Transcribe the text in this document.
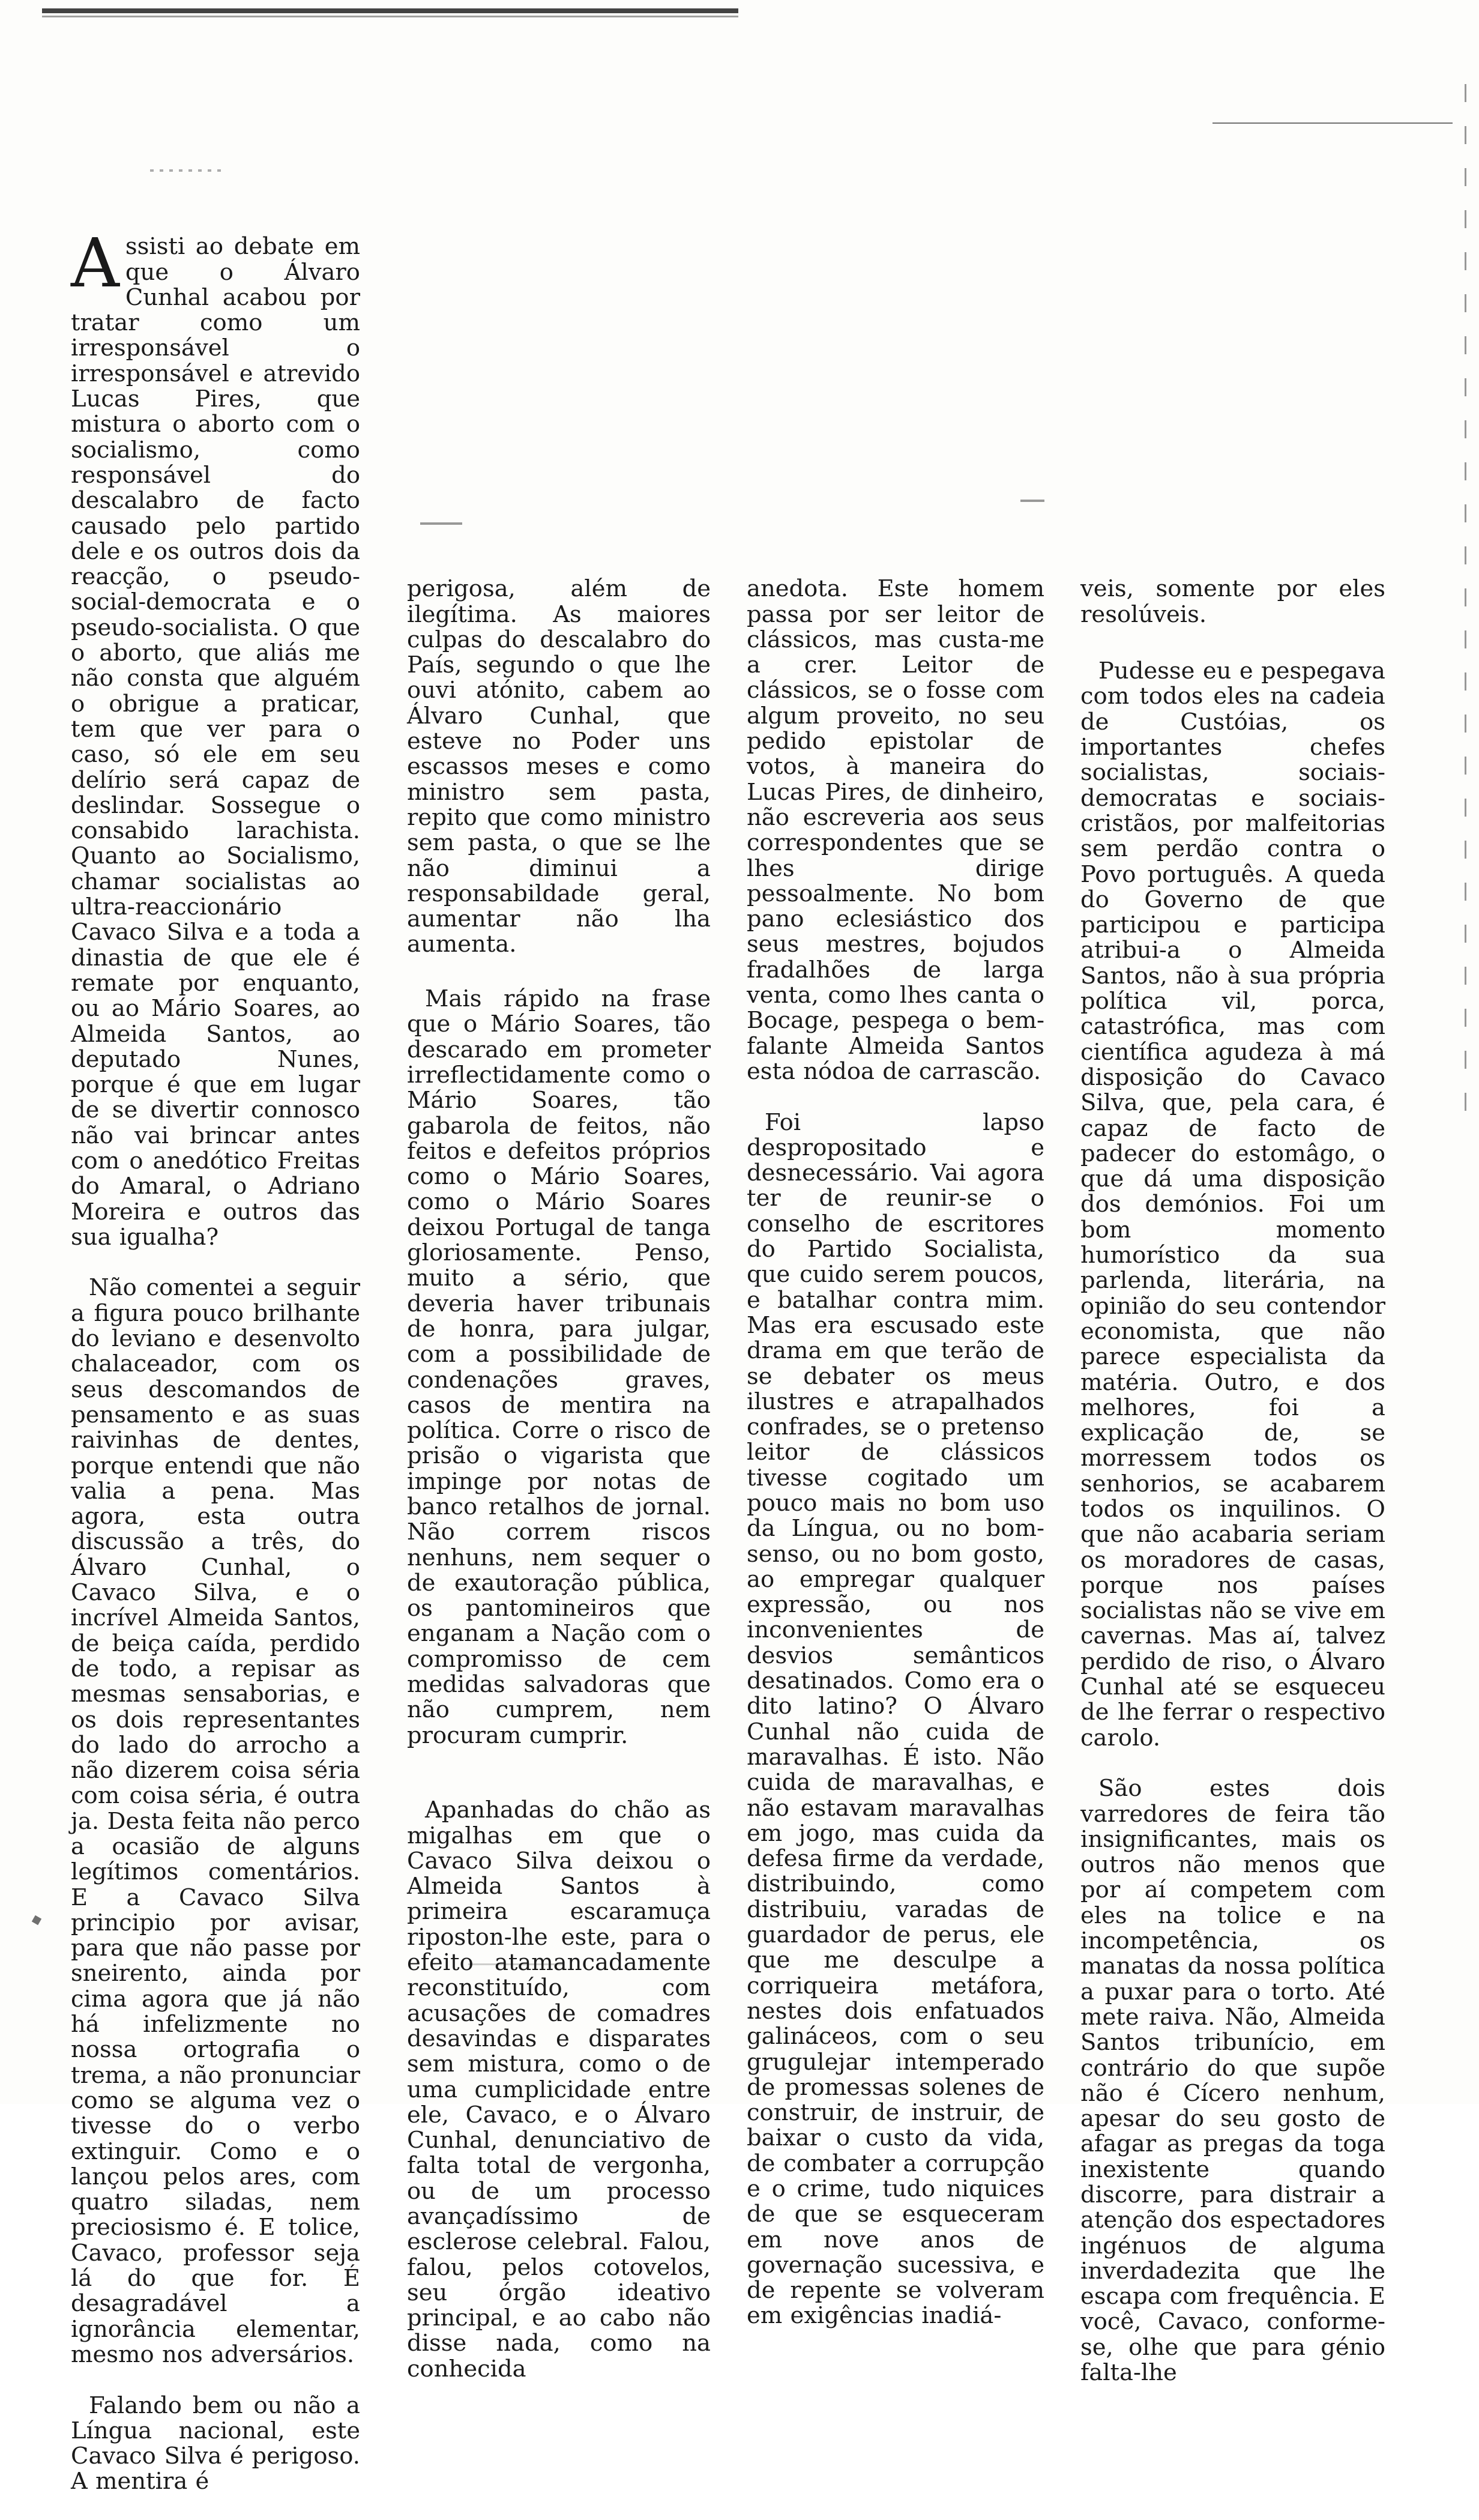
Assisti ao debate em que o Álvaro Cunhal acabou por tratar como um irresponsável o irresponsável e atrevido Lucas Pires, que mistura o aborto com o socialismo, como responsável do descalabro de facto causado pelo partido dele e os outros dois da reacção, o pseudo-social-democrata e o pseudo-socialista. O que o aborto, que aliás me não consta que alguém o obrigue a praticar, tem que ver para o caso, só ele em seu delírio será capaz de deslindar. Sossegue o consabido larachista. Quanto ao Socialismo, chamar socialistas ao ultra-reaccionário Cavaco Silva e a toda a dinastia de que ele é remate por enquanto, ou ao Mário Soares, ao Almeida Santos, ao deputado Nunes, porque é que em lugar de se divertir connosco não vai brincar antes com o anedótico Freitas do Amaral, o Adriano Moreira e outros das sua igualha?

Não comentei a seguir a figura pouco brilhante do leviano e desenvolto chalaceador, com os seus descomandos de pensamento e as suas raivinhas de dentes, porque entendi que não valia a pena. Mas agora, esta outra discussão a três, do Álvaro Cunhal, o Cavaco Silva, e o incrível Almeida Santos, de beiça caída, perdido de todo, a repisar as mesmas sensaborias, e os dois representantes do lado do arrocho a não dizerem coisa séria com coisa séria, é outra ja. Desta feita não perco a ocasião de alguns legítimos comentários. E a Cavaco Silva principio por avisar, para que não passe por sneirento, ainda por cima agora que já não há infelizmente no nossa ortografia o trema, a não pronunciar como se alguma vez o tivesse do o verbo extinguir. Como e o lançou pelos ares, com quatro siladas, nem preciosismo é. E tolice, Cavaco, professor seja lá do que for. É desagradável a ignorância elementar, mesmo nos adversários.

Falando bem ou não a Língua nacional, este Cavaco Silva é perigoso. A mentira é

perigosa, além de ilegítima. As maiores culpas do descalabro do País, segundo o que lhe ouvi atónito, cabem ao Álvaro Cunhal, que esteve no Poder uns escassos meses e como ministro sem pasta, repito que como ministro sem pasta, o que se lhe não diminui a responsabildade geral, aumentar não lha aumenta.

Mais rápido na frase que o Mário Soares, tão descarado em prometer irreflectidamente como o Mário Soares, tão gabarola de feitos, não feitos e defeitos próprios como o Mário Soares, como o Mário Soares deixou Portugal de tanga gloriosamente. Penso, muito a sério, que deveria haver tribunais de honra, para julgar, com a possibilidade de condenações graves, casos de mentira na política. Corre o risco de prisão o vigarista que impinge por notas de banco retalhos de jornal. Não correm riscos nenhuns, nem sequer o de exautoração pública, os pantomineiros que enganam a Nação com o compromisso de cem medidas salvadoras que não cumprem, nem procuram cumprir.

Apanhadas do chão as migalhas em que o Cavaco Silva deixou o Almeida Santos à primeira escaramuça riposton-lhe este, para o efeito atamancadamente reconstituído, com acusações de comadres desavindas e disparates sem mistura, como o de uma cumplicidade entre ele, Cavaco, e o Álvaro Cunhal, denunciativo de falta total de vergonha, ou de um processo avançadíssimo de esclerose celebral. Falou, falou, pelos cotovelos, seu órgão ideativo principal, e ao cabo não disse nada, como na conhecida

anedota. Este homem passa por ser leitor de clássicos, mas custa-me a crer. Leitor de clássicos, se o fosse com algum proveito, no seu pedido epistolar de votos, à maneira do Lucas Pires, de dinheiro, não escreveria aos seus correspondentes que se lhes dirige pessoalmente. No bom pano eclesiástico dos seus mestres, bojudos fradalhões de larga venta, como lhes canta o Bocage, pespega o bem-falante Almeida Santos esta nódoa de carrascão.

Foi lapso despropositado e desnecessário. Vai agora ter de reunir-se o conselho de escritores do Partido Socialista, que cuido serem poucos, e batalhar contra mim. Mas era escusado este drama em que terão de se debater os meus ilustres e atrapalhados confrades, se o pretenso leitor de clássicos tivesse cogitado um pouco mais no bom uso da Língua, ou no bom-senso, ou no bom gosto, ao empregar qualquer expressão, ou nos inconvenientes de desvios semânticos desatinados. Como era o dito latino? O Álvaro Cunhal não cuida de maravalhas. É isto. Não cuida de maravalhas, e não estavam maravalhas em jogo, mas cuida da defesa firme da verdade, distribuindo, como distribuiu, varadas de guardador de perus, ele que me desculpe a corriqueira metáfora, nestes dois enfatuados galináceos, com o seu grugulejar intemperado de promessas solenes de construir, de instruir, de baixar o custo da vida, de combater a corrupção e o crime, tudo niquices de que se esqueceram em nove anos de governação sucessiva, e de repente se volveram em exigências inadiá-

veis, somente por eles resolúveis.

Pudesse eu e pespegava com todos eles na cadeia de Custóias, os importantes chefes socialistas, sociais-democratas e sociais-cristãos, por malfeitorias sem perdão contra o Povo português. A queda do Governo de que participou e participa atribui-a o Almeida Santos, não à sua própria política vil, porca, catastrófica, mas com científica agudeza à má disposição do Cavaco Silva, que, pela cara, é capaz de facto de padecer do estomâgo, o que dá uma disposição dos demónios. Foi um bom momento humorístico da sua parlenda, literária, na opinião do seu contendor economista, que não parece especialista da matéria. Outro, e dos melhores, foi a explicação de, se morressem todos os senhorios, se acabarem todos os inquilinos. O que não acabaria seriam os moradores de casas, porque nos países socialistas não se vive em cavernas. Mas aí, talvez perdido de riso, o Álvaro Cunhal até se esqueceu de lhe ferrar o respectivo carolo.

São estes dois varredores de feira tão insignificantes, mais os outros não menos que por aí competem com eles na tolice e na incompetência, os manatas da nossa política a puxar para o torto. Até mete raiva. Não, Almeida Santos tribunício, em contrário do que supõe não é Cícero nenhum, apesar do seu gosto de afagar as pregas da toga inexistente quando discorre, para distrair a atenção dos espectadores ingénuos de alguma inverdadezita que lhe escapa com frequência. E você, Cavaco, conforme-se, olhe que para génio falta-lhe
